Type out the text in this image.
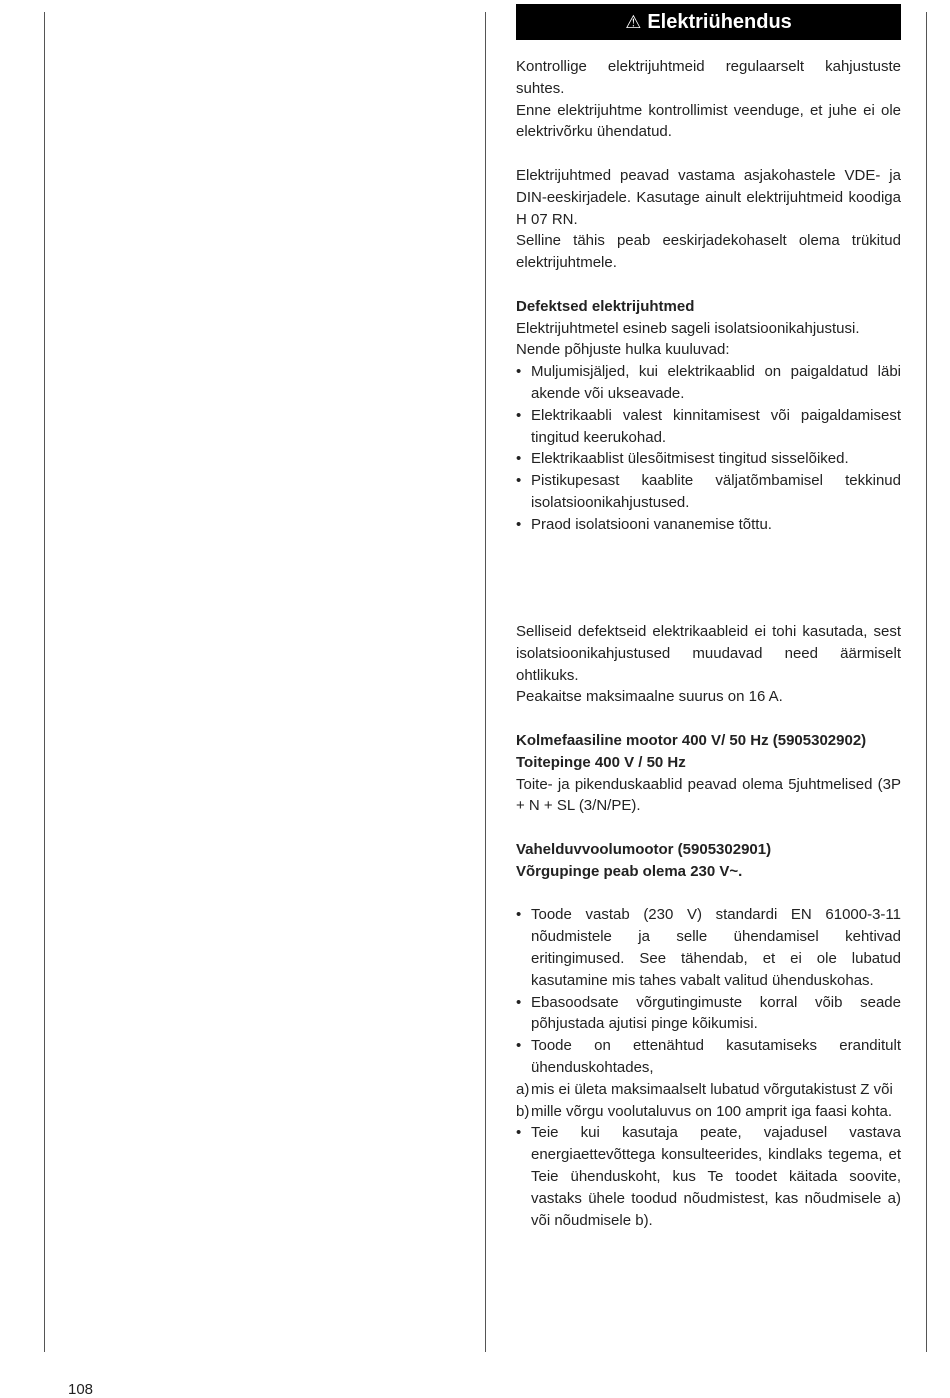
⚠ Elektriühendus

Kontrollige elektrijuhtmeid regulaarselt kahjustuste suhtes.

Enne elektrijuhtme kontrollimist veenduge, et juhe ei ole elektrivõrku ühendatud.

Elektrijuhtmed peavad vastama asjakohastele VDE- ja DIN-eeskirjadele. Kasutage ainult elektrijuhtmeid koodiga H 07 RN.

Selline tähis peab eeskirjadekohaselt olema trükitud elektrijuhtmele.

Defektsed elektrijuhtmed

Elektrijuhtmetel esineb sageli isolatsioonikahjustusi.

Nende põhjuste hulka kuuluvad:

• Muljumisjäljed, kui elektrikaablid on paigaldatud läbi akende või ukseavade.
• Elektrikaabli valest kinnitamisest või paigaldamisest tingitud keerukohad.
• Elektrikaablist ülesõitmisest tingitud sisselõiked.
• Pistikupesast kaablite väljatõmbamisel tekkinud isolatsioonikahjustused.
• Praod isolatsiooni vananemise tõttu.

Selliseid defektseid elektrikaableid ei tohi kasutada, sest isolatsioonikahjustused muudavad need äärmiselt ohtlikuks.

Peakaitse maksimaalne suurus on 16 A.

Kolmefaasiline mootor 400 V/ 50 Hz (5905302902)

Toitepinge 400 V / 50 Hz

Toite- ja pikenduskaablid peavad olema 5juhtmelised (3P + N + SL (3/N/PE).

Vahelduvvoolumootor (5905302901)

Võrgupinge peab olema 230 V~.

• Toode vastab (230 V) standardi EN 61000-3-11 nõudmistele ja selle ühendamisel kehtivad eritingimused. See tähendab, et ei ole lubatud kasutamine mis tahes vabalt valitud ühenduskohas.
• Ebasoodsate võrgutingimuste korral võib seade põhjustada ajutisi pinge kõikumisi.
• Toode on ettenähtud kasutamiseks eranditult ühenduskohtades,
a) mis ei ületa maksimaalselt lubatud võrgutakistust Z või
b) mille võrgu voolutaluvus on 100 amprit iga faasi kohta.
• Teie kui kasutaja peate, vajadusel vastava energiaettevõttega konsulteerides, kindlaks tegema, et Teie ühenduskoht, kus Te toodet käitada soovite, vastaks ühele toodud nõudmistest, kas nõudmisele a) või nõudmisele b).
108
